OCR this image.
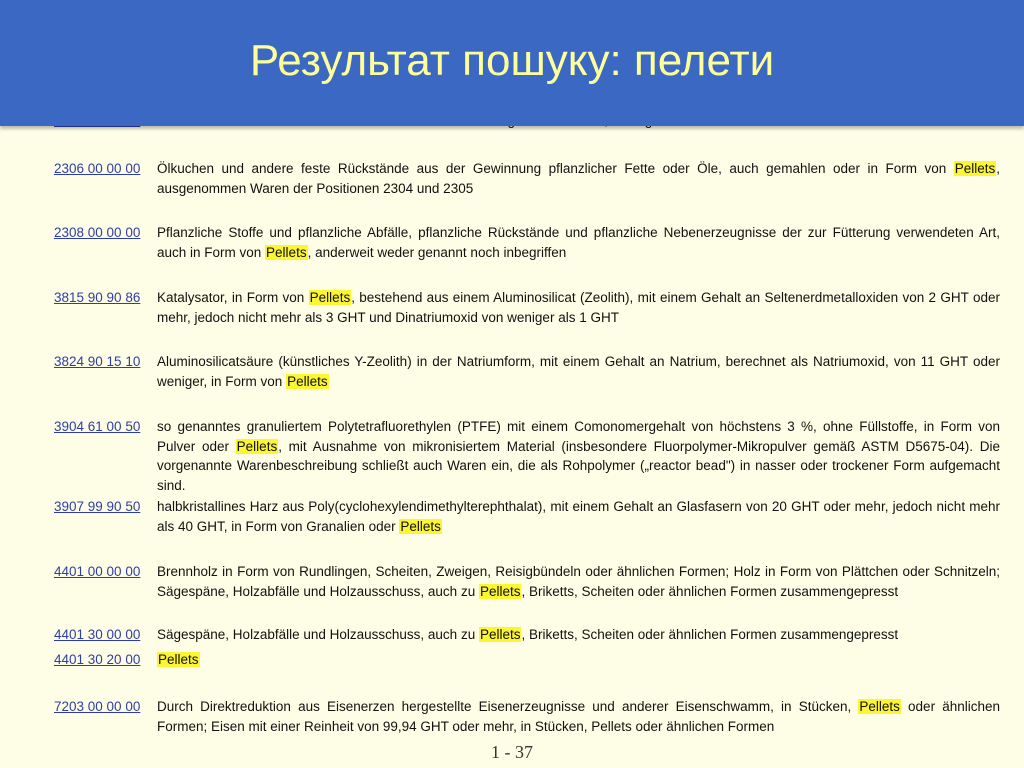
Результат пошуку: пелети
2306 00 00 00 Ölkuchen und andere feste Rückstände aus der Gewinnung pflanzlicher Fette oder Öle, auch gemahlen oder in Form von Pellets, ausgenommen Waren der Positionen 2304 und 2305
2308 00 00 00 Pflanzliche Stoffe und pflanzliche Abfälle, pflanzliche Rückstände und pflanzliche Nebenerzeugnisse der zur Fütterung verwendeten Art, auch in Form von Pellets, anderweit weder genannt noch inbegriffen
3815 90 90 86 Katalysator, in Form von Pellets, bestehend aus einem Aluminosilicat (Zeolith), mit einem Gehalt an Seltenerdmetalloxiden von 2 GHT oder mehr, jedoch nicht mehr als 3 GHT und Dinatriumoxid von weniger als 1 GHT
3824 90 15 10 Aluminosilicatsäure (künstliches Y-Zeolith) in der Natriumform, mit einem Gehalt an Natrium, berechnet als Natriumoxid, von 11 GHT oder weniger, in Form von Pellets
3904 61 00 50 so genanntes granuliertem Polytetrafluorethylen (PTFE) mit einem Comonomergehalt von höchstens 3 %, ohne Füllstoffe, in Form von Pulver oder Pellets, mit Ausnahme von mikronisiertem Material (insbesondere Fluorpolymer-Mikropulver gemäß ASTM D5675-04). Die vorgenannte Warenbeschreibung schließt auch Waren ein, die als Rohpolymer („reactor bead") in nasser oder trockener Form aufgemacht sind.
3907 99 90 50 halbkristallines Harz aus Poly(cyclohexylendimethylterephthalat), mit einem Gehalt an Glasfasern von 20 GHT oder mehr, jedoch nicht mehr als 40 GHT, in Form von Granalien oder Pellets
4401 00 00 00 Brennholz in Form von Rundlingen, Scheiten, Zweigen, Reisigbündeln oder ähnlichen Formen; Holz in Form von Plättchen oder Schnitzeln; Sägespäne, Holzabfälle und Holzausschuss, auch zu Pellets, Briketts, Scheiten oder ähnlichen Formen zusammengepresst
4401 30 00 00 Sägespäne, Holzabfälle und Holzausschuss, auch zu Pellets, Briketts, Scheiten oder ähnlichen Formen zusammengepresst
4401 30 20 00 Pellets
7203 00 00 00 Durch Direktreduktion aus Eisenerzen hergestellte Eisenerzeugnisse und anderer Eisenschwamm, in Stücken, Pellets oder ähnlichen Formen; Eisen mit einer Reinheit von 99,94 GHT oder mehr, in Stücken, Pellets oder ähnlichen Formen
1 - 37
